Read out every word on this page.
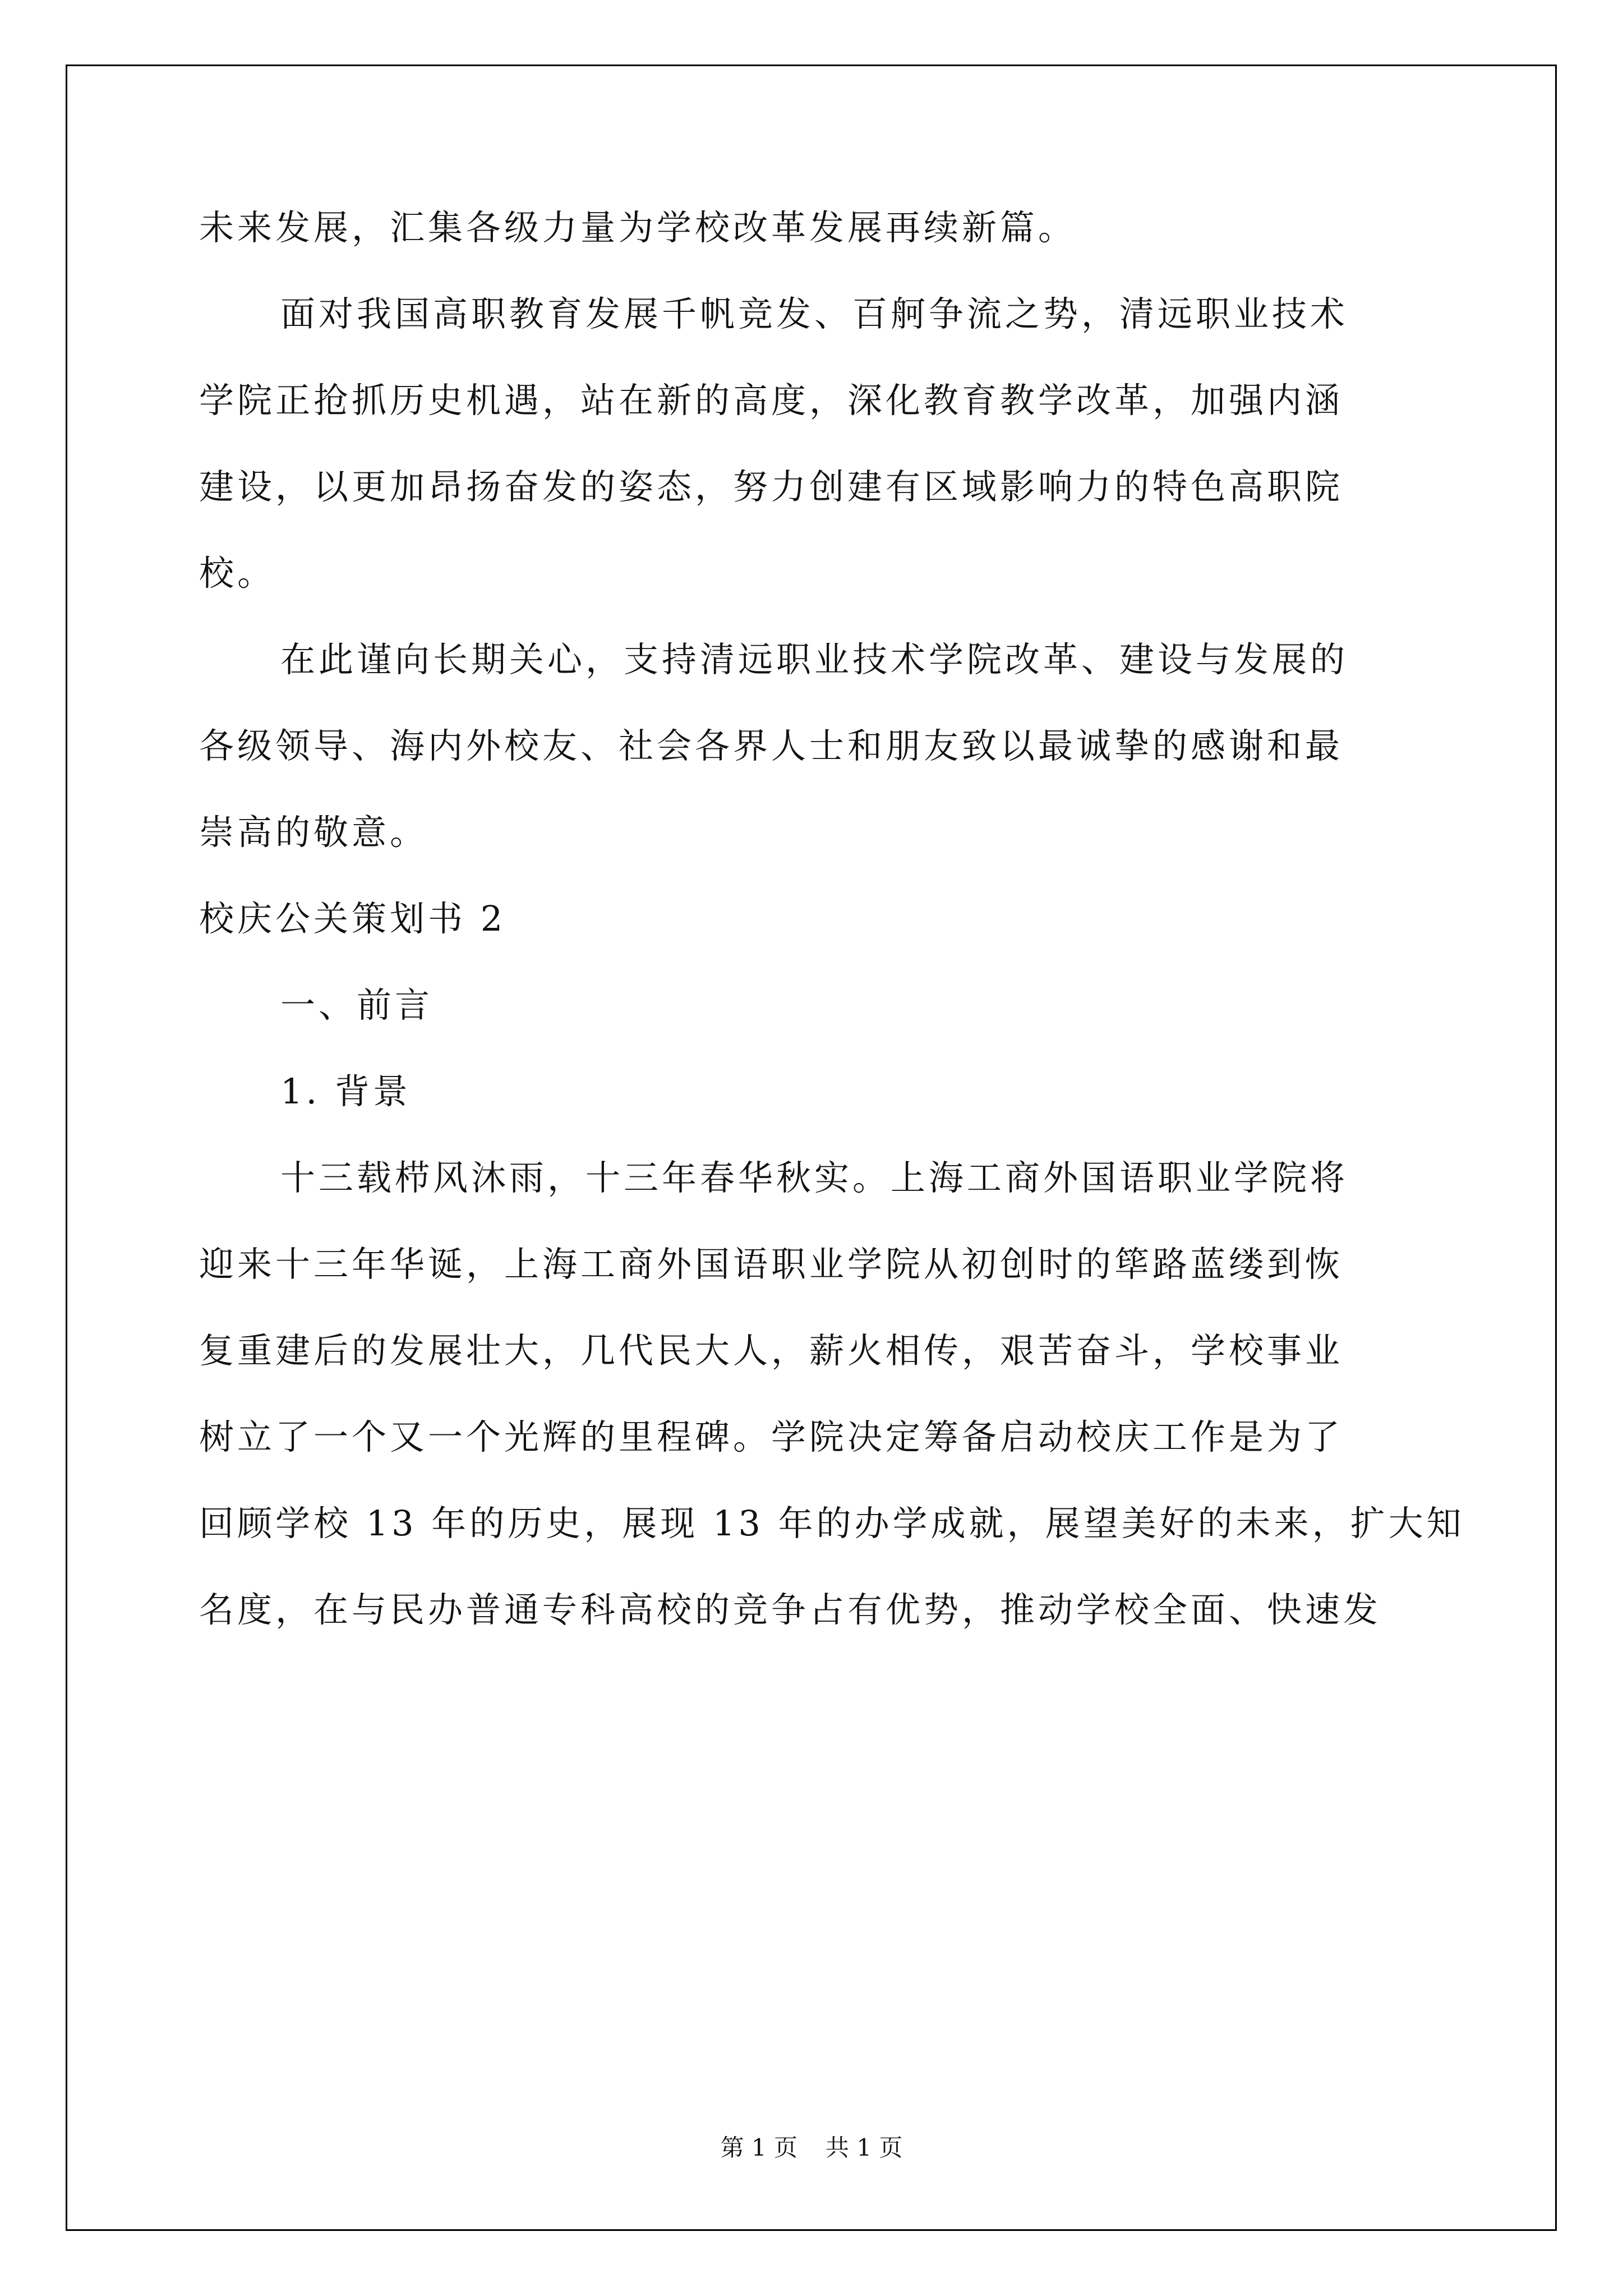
未来发展，汇集各级力量为学校改革发展再续新篇。
面对我国高职教育发展千帆竞发、百舸争流之势，清远职业技术
学院正抢抓历史机遇，站在新的高度，深化教育教学改革，加强内涵
建设，以更加昂扬奋发的姿态，努力创建有区域影响力的特色高职院
校。
在此谨向长期关心，支持清远职业技术学院改革、建设与发展的
各级领导、海内外校友、社会各界人士和朋友致以最诚挚的感谢和最
崇高的敬意。
校庆公关策划书 2
一、前言
1. 背景
十三载栉风沐雨，十三年春华秋实。上海工商外国语职业学院将
迎来十三年华诞，上海工商外国语职业学院从初创时的筚路蓝缕到恢
复重建后的发展壮大，几代民大人，薪火相传，艰苦奋斗，学校事业
树立了一个又一个光辉的里程碑。学院决定筹备启动校庆工作是为了
回顾学校 13 年的历史，展现 13 年的办学成就，展望美好的未来，扩大知
名度，在与民办普通专科高校的竞争占有优势，推动学校全面、快速发
第 1 页 共 1 页
